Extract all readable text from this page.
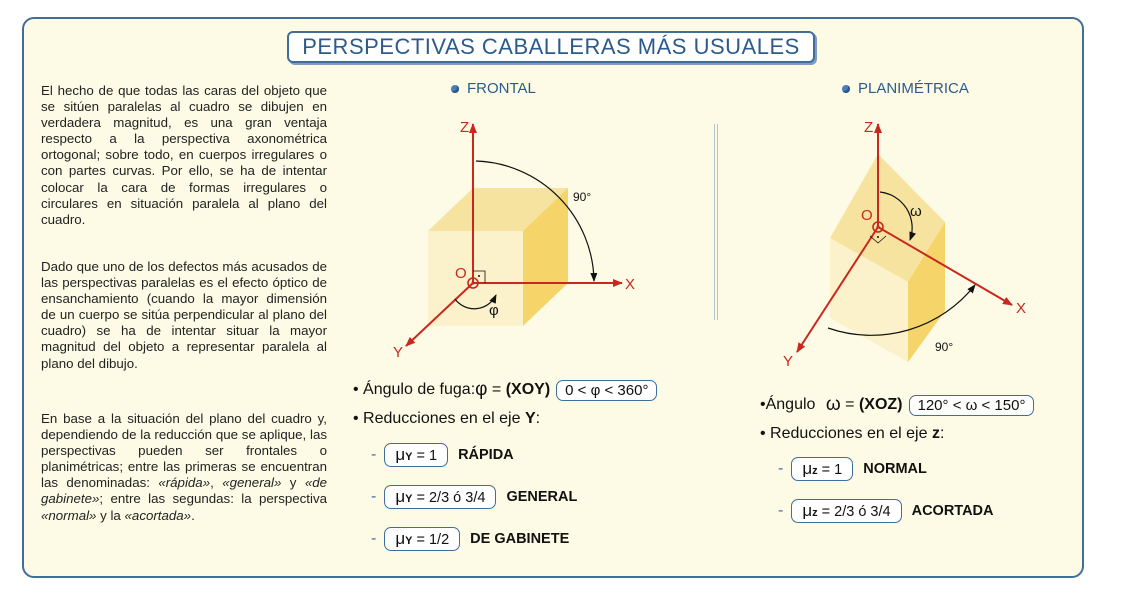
PERSPECTIVAS CABALLERAS MÁS USUALES

El hecho de que todas las caras del objeto que se sitúen paralelas al cuadro se dibujen en verdadera magnitud, es una gran ventaja respecto a la perspectiva axonométrica ortogonal; sobre todo, en cuerpos irregulares o con partes curvas. Por ello, se ha de intentar colocar la cara de formas irregulares o circulares en situación paralela al plano del cuadro.

Dado que uno de los defectos más acusados de las perspectivas paralelas es el efecto óptico de ensanchamiento (cuando la mayor dimensión de un cuerpo se sitúa perpendicular al plano del cuadro) se ha de intentar situar la mayor magnitud del objeto a representar paralela al plano del dibujo.

En base a la situación del plano del cuadro y, dependiendo de la reducción que se aplique, las perspectivas pueden ser frontales o planimétricas; entre las primeras se encuentran las denominadas: «rápida», «general» y «de gabinete»; entre las segundas: la perspectiva «normal» y la «acortada».

FRONTAL	PLANIMÉTRICA
Z
X
Y
O
90°
φ
Z
X
Y
O ω
90°
• Ángulo de fuga: φ = (XOY)	0 < φ < 360°
• Reducciones en el eje Y :
-	μY = 1	RÁPIDA
-	μY = 2/3 ó 3/4	GENERAL
-	μY = 1/2	DE GABINETE
• Ángulo ω = (XOZ)	120° < ω < 150°
• Reducciones en el eje z :
-	μz = 1	NORMAL
-	μz = 2/3 ó 3/4	ACORTADA
